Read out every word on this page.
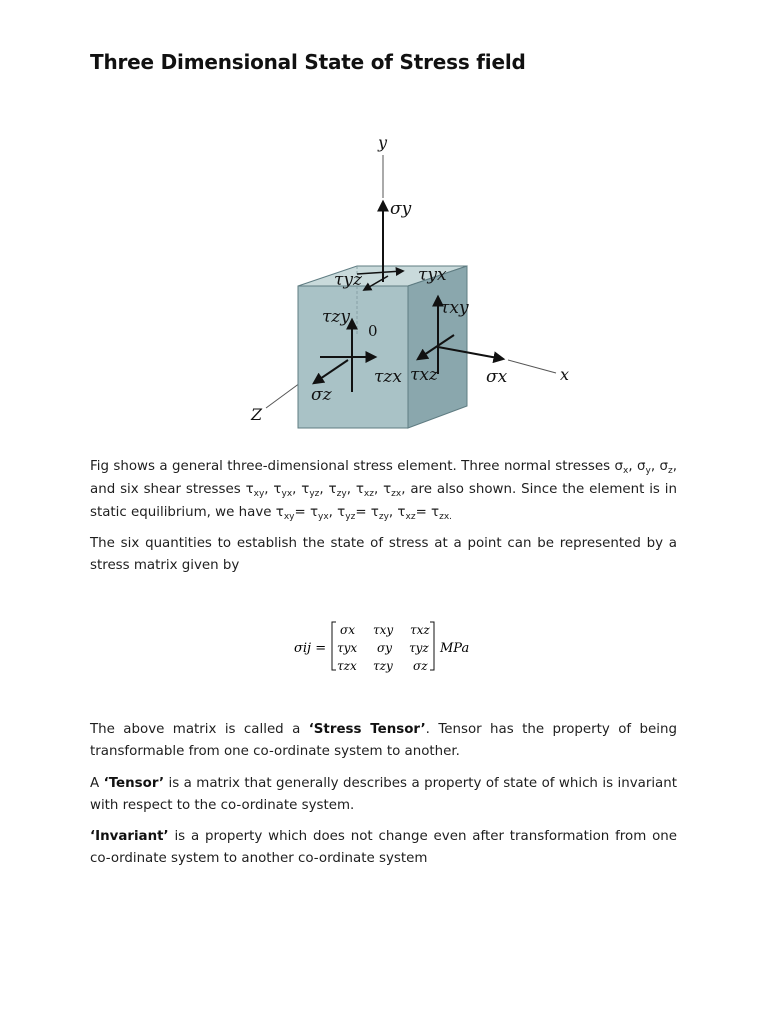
Three Dimensional State of Stress field
y
x
Z
0
σy
τyx
τyz
τxy
τzy
τzx τxz	σx
σz

Fig shows a general three-dimensional stress element. Three normal stresses $\sigma_x$, $\sigma_y$, $\sigma_z$, and six shear stresses $\tau_{xy}$, $\tau_{yx}$, $\tau_{yz}$, $\tau_{zy}$, $\tau_{xz}$, $\tau_{zx}$, are also shown. Since the element is in static equilibrium, we have $\tau_{xy}= \tau_{yx}$, $\tau_{yz}= \tau_{zy}$, $\tau_{xz}= \tau_{zx.}$

The six quantities to establish the state of stress at a point can be represented by a stress matrix given by

σij =
σx τxy τxz
τyx σy τyz
τzx τzy σz
MPa

The above matrix is called a ‘Stress Tensor’. Tensor has the property of being transformable from one co-ordinate system to another.

A ‘Tensor’ is a matrix that generally describes a property of state of which is invariant with respect to the co-ordinate system.

‘Invariant’ is a property which does not change even after transformation from one co-ordinate system to another co-ordinate system
